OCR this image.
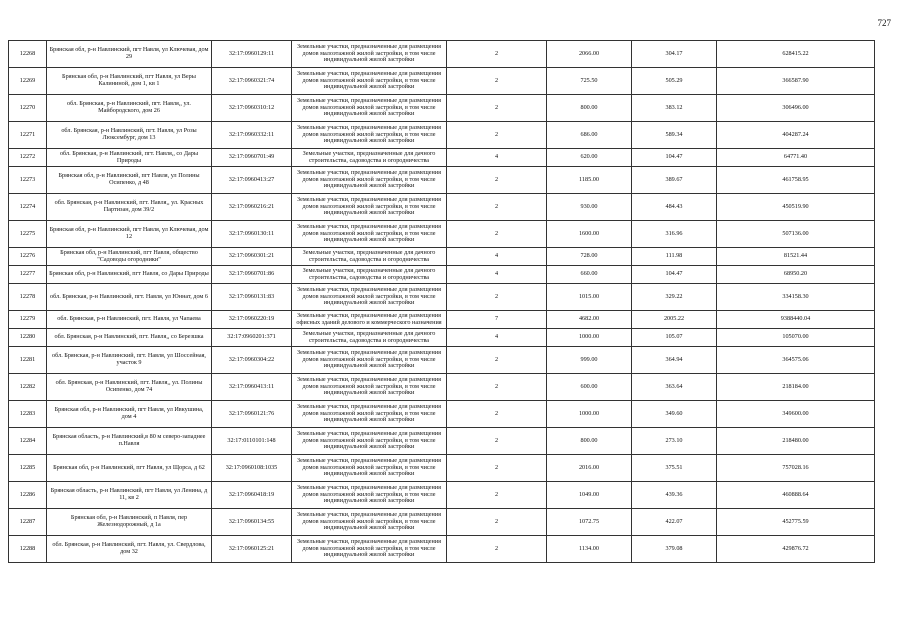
727
12268	Брянская обл, р-н Навлинский, пгт Навля, ул Ключевая, дом 29	32:17:0960129:11	Земельные участки, предназначенные для размещения домов малоэтажной жилой застройки, в том числе индивидуальной жилой застройки	2	2066.00	304.17	628415.22
12269	Брянская обл, р-н Навлинский, пгт Навля, ул Веры Калининой, дом 1, кв 1	32:17:0960321:74	Земельные участки, предназначенные для размещения домов малоэтажной жилой застройки, в том числе индивидуальной жилой застройки	2	725.50	505.29	366587.90
12270	обл. Брянская, р-н Навлинский, пгт. Навля,, ул. Майбородского, дом 26	32:17:0960310:12	Земельные участки, предназначенные для размещения домов малоэтажной жилой застройки, в том числе индивидуальной жилой застройки	2	800.00	383.12	306496.00
12271	обл. Брянская, р-н Навлинский, пгт. Навля, ул Розы Люксембург, дом 13	32:17:0960332:11	Земельные участки, предназначенные для размещения домов малоэтажной жилой застройки, в том числе индивидуальной жилой застройки	2	686.00	589.34	404287.24
12272	обл. Брянская, р-н Навлинский, пгт. Навля,, со Дары Природы	32:17:0960701:49	Земельные участки, предназначенные для дачного строительства, садоводства и огородничества	4	620.00	104.47	64771.40
12273	Брянская обл, р-н Навлинский, пгт Навля, ул Полины Осипенко, д 48	32:17:0960413:27	Земельные участки, предназначенные для размещения домов малоэтажной жилой застройки, в том числе индивидуальной жилой застройки	2	1185.00	389.67	461758.95
12274	обл. Брянская, р-н Навлинский, пгт. Навля,, ул. Красных Партизан, дом 39/2	32:17:0960216:21	Земельные участки, предназначенные для размещения домов малоэтажной жилой застройки, в том числе индивидуальной жилой застройки	2	930.00	484.43	450519.90
12275	Брянская обл, р-н Навлинский, пгт Навля, ул Ключевая, дом 12	32:17:0960130:11	Земельные участки, предназначенные для размещения домов малоэтажной жилой застройки, в том числе индивидуальной жилой застройки	2	1600.00	316.96	507136.00
12276	Брянская обл, р-н Навлинский, пгт Навля, общество "Садоводы огородники"	32:17:0960301:21	Земельные участки, предназначенные для дачного строительства, садоводства и огородничества	4	728.00	111.98	81521.44
12277	Брянская обл, р-н Навлинский, пгт Навля, со Дары Природы	32:17:0960701:86	Земельные участки, предназначенные для дачного строительства, садоводства и огородничества	4	660.00	104.47	68950.20
12278	обл. Брянская, р-н Навлинский, пгт. Навля, ул Юннат, дом 6	32:17:0960131:83	Земельные участки, предназначенные для размещения домов малоэтажной жилой застройки, в том числе индивидуальной жилой застройки	2	1015.00	329.22	334158.30
12279	обл. Брянская, р-н Навлинский, пгт. Навля, ул Чапаева	32:17:0960220:19	Земельные участки, предназначенные для размещения офисных зданий делового и коммерческого назначения	7	4682.00	2005.22	9388440.04
12280	обл. Брянская, р-н Навлинский, пгт. Навля,, со Березшка	32:17:0960201:371	Земельные участки, предназначенные для дачного строительства, садоводства и огородничества	4	1000.00	105.07	105070.00
12281	обл. Брянская, р-н Навлинский, пгт. Навля, ул Шоссейная, участок 9	32:17:0960304:22	Земельные участки, предназначенные для размещения домов малоэтажной жилой застройки, в том числе индивидуальной жилой застройки	2	999.00	364.94	364575.06
12282	обл. Брянская, р-н Навлинский, пгт. Навля,, ул. Полины Осипенко, дом 74	32:17:0960413:11	Земельные участки, предназначенные для размещения домов малоэтажной жилой застройки, в том числе индивидуальной жилой застройки	2	600.00	363.64	218184.00
12283	Брянская обл, р-н Навлинский, пгт Навля, ул Ивкушина, дом 4	32:17:0960121:76	Земельные участки, предназначенные для размещения домов малоэтажной жилой застройки, в том числе индивидуальной жилой застройки	2	1000.00	349.60	349600.00
12284	Брянская область, р-н Навлинский,в 80 м северо-западнее п.Навля	32:17:0110101:148	Земельные участки, предназначенные для размещения домов малоэтажной жилой застройки, в том числе индивидуальной жилой застройки	2	800.00	273.10	218480.00
12285	Брянская обл, р-н Навлинский, пгт Навля, ул Щорса, д 62	32:17:0960108:1035	Земельные участки, предназначенные для размещения домов малоэтажной жилой застройки, в том числе индивидуальной жилой застройки	2	2016.00	375.51	757028.16
12286	Брянская область, р-н Навлинский, пгт Навля, ул Ленина, д 11, кв 2	32:17:0960418:19	Земельные участки, предназначенные для размещения домов малоэтажной жилой застройки, в том числе индивидуальной жилой застройки	2	1049.00	439.36	460888.64
12287	Брянская обл, р-н Навлинский, п Навля, пер Железнодорожный, д 1а	32:17:0960134:55	Земельные участки, предназначенные для размещения домов малоэтажной жилой застройки, в том числе индивидуальной жилой застройки	2	1072.75	422.07	452775.59
12288	обл. Брянская, р-н Навлинский, пгт. Навля, ул. Свердлова, дом 32	32:17:0960125:21	Земельные участки, предназначенные для размещения домов малоэтажной жилой застройки, в том числе индивидуальной жилой застройки	2	1134.00	379.08	429876.72
